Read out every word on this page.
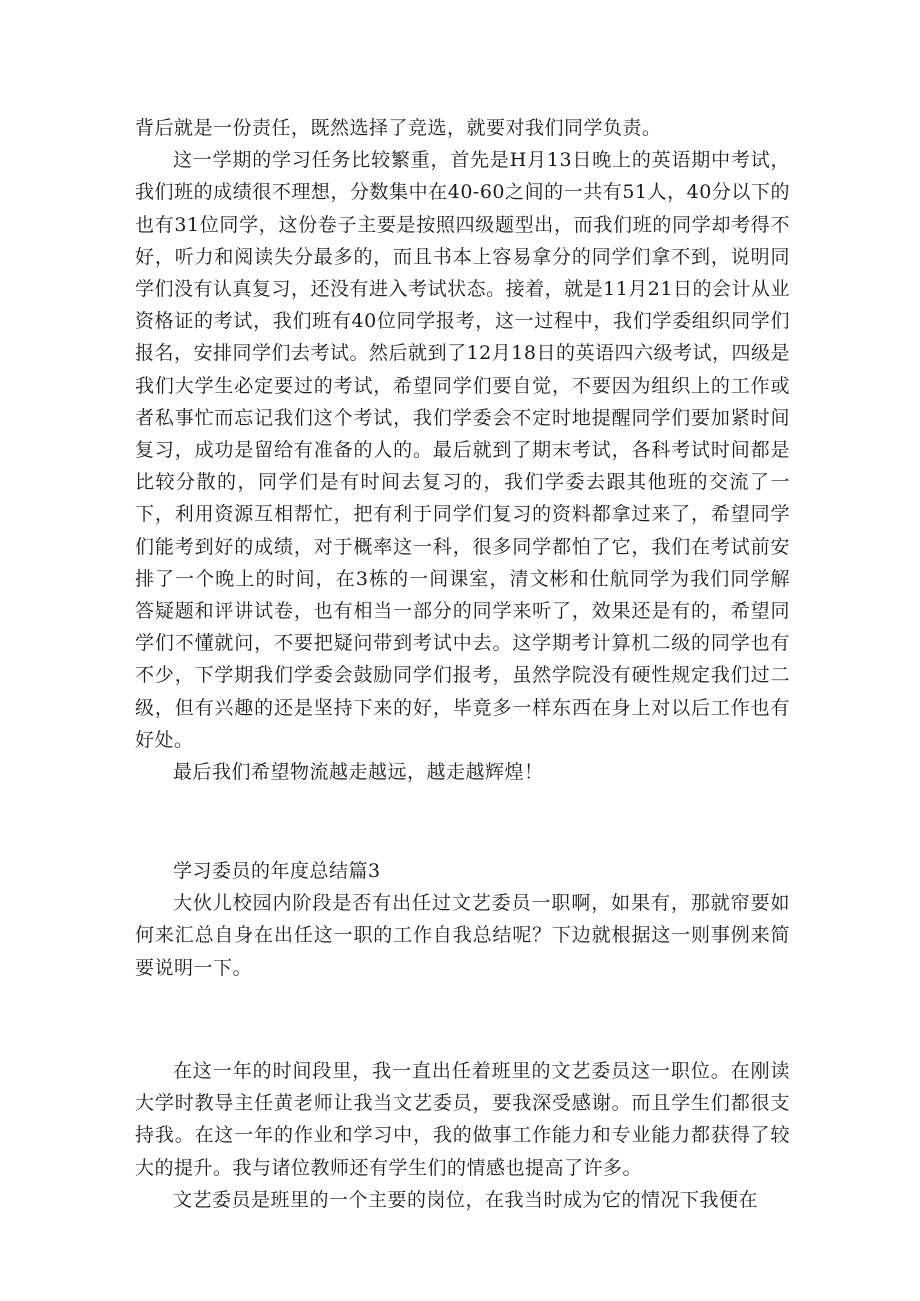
背后就是一份责任，既然选择了竞选，就要对我们同学负责。

这一学期的学习任务比较繁重，首先是H月13日晚上的英语期中考试，我们班的成绩很不理想，分数集中在40-60之间的一共有51人，40分以下的也有31位同学，这份卷子主要是按照四级题型出，而我们班的同学却考得不好，听力和阅读失分最多的，而且书本上容易拿分的同学们拿不到，说明同学们没有认真复习，还没有进入考试状态。接着，就是11月21日的会计从业资格证的考试，我们班有40位同学报考，这一过程中，我们学委组织同学们报名，安排同学们去考试。然后就到了12月18日的英语四六级考试，四级是我们大学生必定要过的考试，希望同学们要自觉，不要因为组织上的工作或者私事忙而忘记我们这个考试，我们学委会不定时地提醒同学们要加紧时间复习，成功是留给有准备的人的。最后就到了期末考试，各科考试时间都是比较分散的，同学们是有时间去复习的，我们学委去跟其他班的交流了一下，利用资源互相帮忙，把有利于同学们复习的资料都拿过来了，希望同学们能考到好的成绩，对于概率这一科，很多同学都怕了它，我们在考试前安排了一个晚上的时间，在3栋的一间课室，清文彬和仕航同学为我们同学解答疑题和评讲试卷，也有相当一部分的同学来听了，效果还是有的，希望同学们不懂就问，不要把疑问带到考试中去。这学期考计算机二级的同学也有不少，下学期我们学委会鼓励同学们报考，虽然学院没有硬性规定我们过二级，但有兴趣的还是坚持下来的好，毕竟多一样东西在身上对以后工作也有好处。

最后我们希望物流越走越远，越走越辉煌！

学习委员的年度总结篇3

大伙儿校园内阶段是否有出任过文艺委员一职啊，如果有，那就帘要如何来汇总自身在出任这一职的工作自我总结呢？下边就根据这一则事例来简要说明一下。

在这一年的时间段里，我一直出任着班里的文艺委员这一职位。在刚读大学时教导主任黄老师让我当文艺委员，要我深受感谢。而且学生们都很支持我。在这一年的作业和学习中，我的做事工作能力和专业能力都获得了较大的提升。我与诸位教师还有学生们的情感也提高了许多。

文艺委员是班里的一个主要的岗位，在我当时成为它的情况下我便在
